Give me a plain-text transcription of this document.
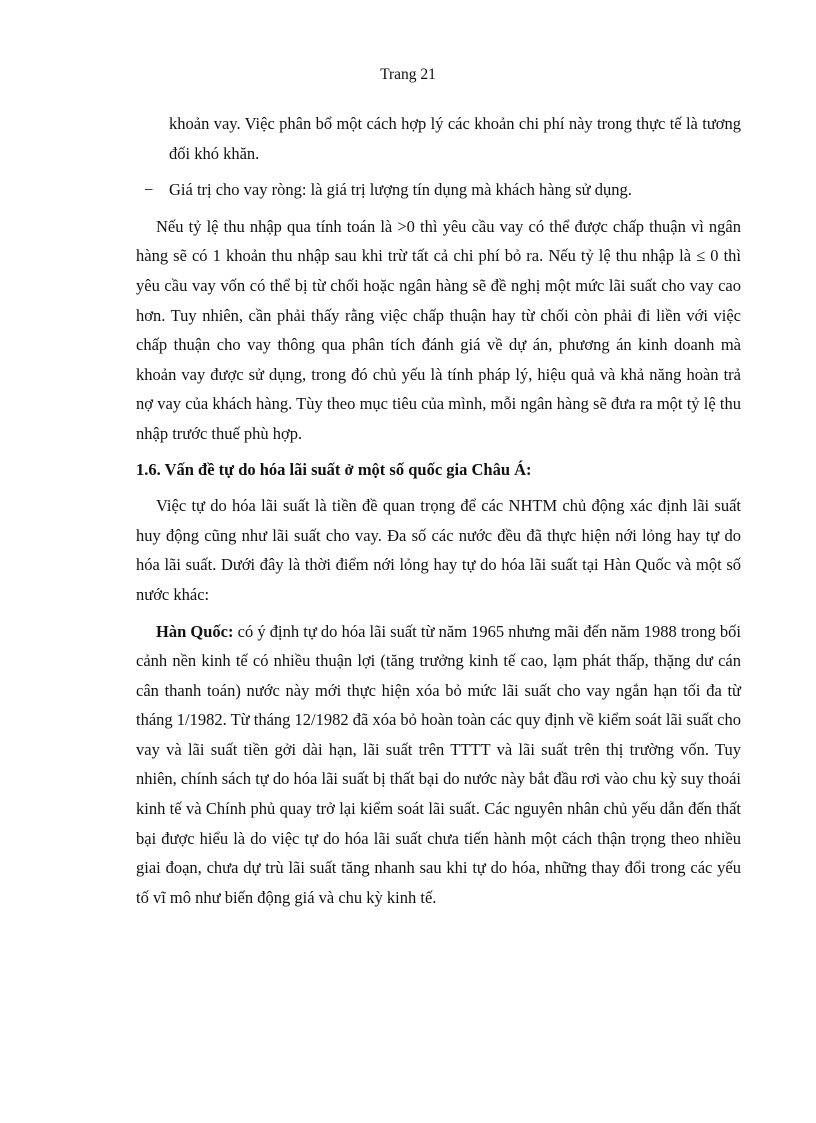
Trang 21

khoản vay. Việc phân bổ một cách hợp lý các khoản chi phí này trong thực tế là tương đối khó khăn.

− Giá trị cho vay ròng: là giá trị lượng tín dụng mà khách hàng sử dụng.

Nếu tỷ lệ thu nhập qua tính toán là >0 thì yêu cầu vay có thể được chấp thuận vì ngân hàng sẽ có 1 khoản thu nhập sau khi trừ tất cả chi phí bỏ ra. Nếu tỷ lệ thu nhập là ≤ 0 thì yêu cầu vay vốn có thể bị từ chối hoặc ngân hàng sẽ đề nghị một mức lãi suất cho vay cao hơn. Tuy nhiên, cần phải thấy rằng việc chấp thuận hay từ chối còn phải đi liền với việc chấp thuận cho vay thông qua phân tích đánh giá về dự án, phương án kinh doanh mà khoản vay được sử dụng, trong đó chủ yếu là tính pháp lý, hiệu quả và khả năng hoàn trả nợ vay của khách hàng. Tùy theo mục tiêu của mình, mỗi ngân hàng sẽ đưa ra một tỷ lệ thu nhập trước thuế phù hợp.

1.6. Vấn đề tự do hóa lãi suất ở một số quốc gia Châu Á:

Việc tự do hóa lãi suất là tiền đề quan trọng để các NHTM chủ động xác định lãi suất huy động cũng như lãi suất cho vay. Đa số các nước đều đã thực hiện nới lỏng hay tự do hóa lãi suất. Dưới đây là thời điểm nới lỏng hay tự do hóa lãi suất tại Hàn Quốc và một số nước khác:

Hàn Quốc: có ý định tự do hóa lãi suất từ năm 1965 nhưng mãi đến năm 1988 trong bối cảnh nền kinh tế có nhiều thuận lợi (tăng trưởng kinh tế cao, lạm phát thấp, thặng dư cán cân thanh toán) nước này mới thực hiện xóa bỏ mức lãi suất cho vay ngắn hạn tối đa từ tháng 1/1982. Từ tháng 12/1982 đã xóa bỏ hoàn toàn các quy định về kiểm soát lãi suất cho vay và lãi suất tiền gởi dài hạn, lãi suất trên TTTT và lãi suất trên thị trường vốn. Tuy nhiên, chính sách tự do hóa lãi suất bị thất bại do nước này bắt đầu rơi vào chu kỳ suy thoái kinh tế và Chính phủ quay trở lại kiểm soát lãi suất. Các nguyên nhân chủ yếu dẫn đến thất bại được hiểu là do việc tự do hóa lãi suất chưa tiến hành một cách thận trọng theo nhiều giai đoạn, chưa dự trù lãi suất tăng nhanh sau khi tự do hóa, những thay đổi trong các yếu tố vĩ mô như biến động giá và chu kỳ kinh tế.
